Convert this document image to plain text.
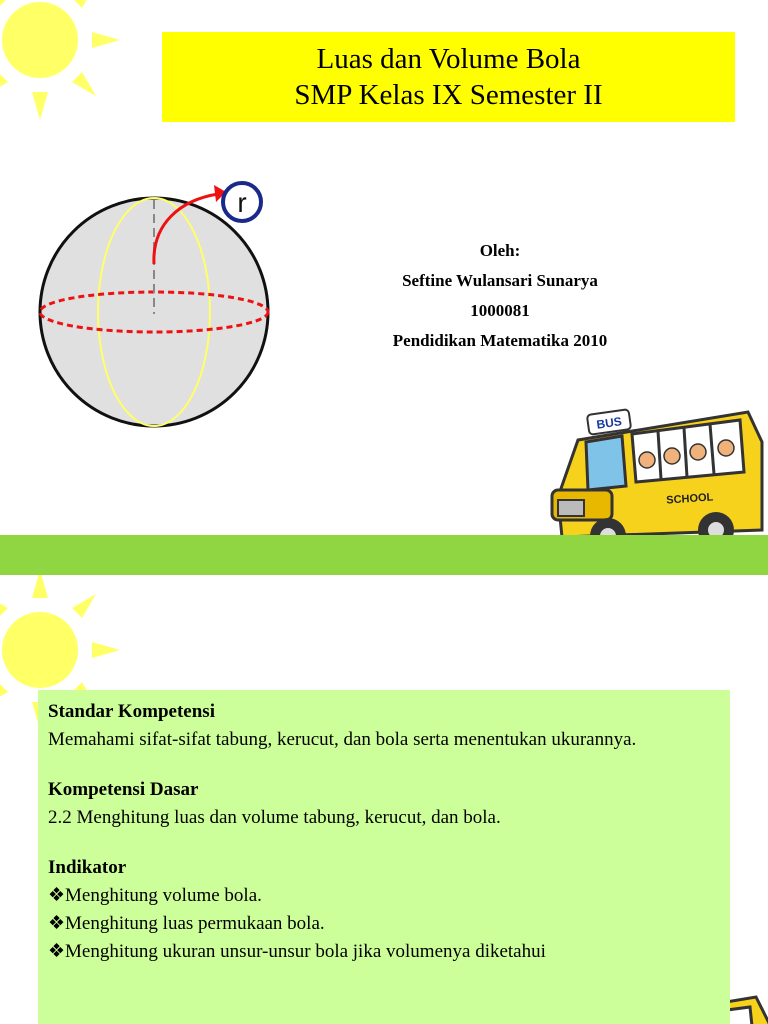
Luas dan Volume Bola
SMP Kelas IX Semester II
r
Oleh:
Seftine Wulansari Sunarya
1000081
Pendidikan Matematika 2010
BUS
SCHOOL

Standar Kompetensi

Memahami sifat-sifat tabung, kerucut, dan bola serta menentukan ukurannya.

Kompetensi Dasar

2.2 Menghitung luas dan volume tabung, kerucut, dan bola.

Indikator

❖Menghitung volume bola.

❖Menghitung luas permukaan bola.

❖Menghitung ukuran unsur-unsur bola jika volumenya diketahui
